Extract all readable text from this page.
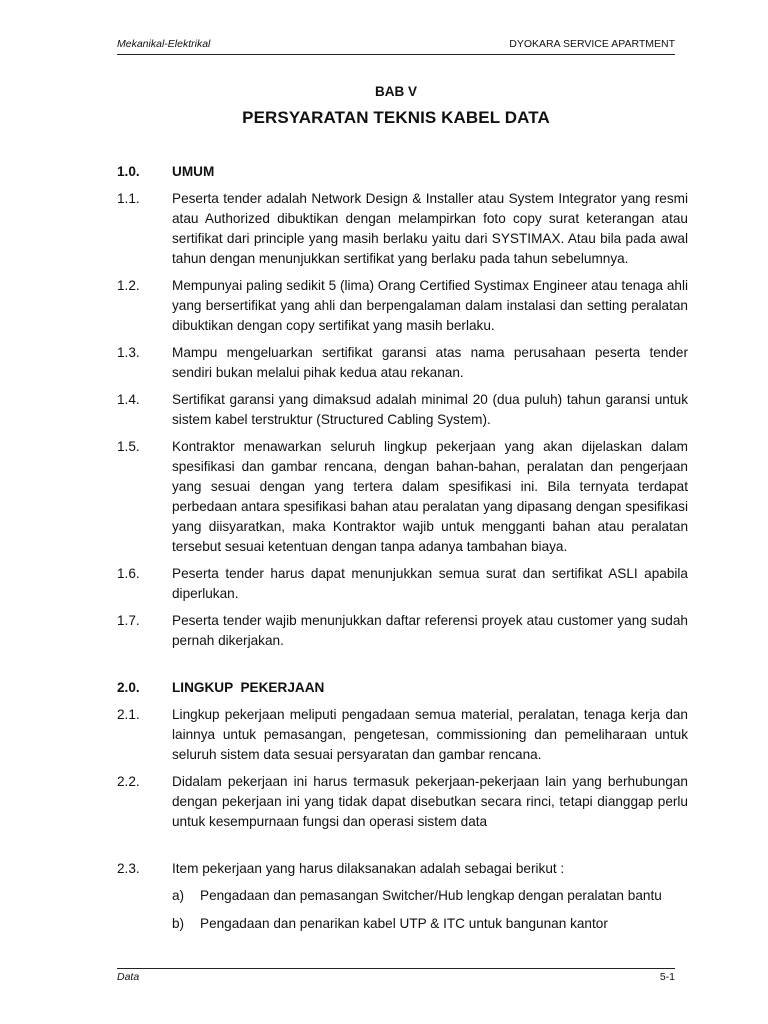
Mekanikal-Elektrikal	DYOKARA SERVICE APARTMENT
BAB V
PERSYARATAN TEKNIS KABEL DATA
1.0.	UMUM
1.1.	Peserta tender adalah Network Design & Installer atau System Integrator yang resmi atau Authorized dibuktikan dengan melampirkan foto copy surat keterangan atau sertifikat dari principle yang masih berlaku yaitu dari SYSTIMAX. Atau bila pada awal tahun dengan menunjukkan sertifikat yang berlaku pada tahun sebelumnya.
1.2.	Mempunyai paling sedikit 5 (lima) Orang Certified Systimax Engineer atau tenaga ahli yang bersertifikat yang ahli dan berpengalaman dalam instalasi dan setting peralatan dibuktikan dengan copy sertifikat yang masih berlaku.
1.3.	Mampu mengeluarkan sertifikat garansi atas nama perusahaan peserta tender sendiri bukan melalui pihak kedua atau rekanan.
1.4.	Sertifikat garansi yang dimaksud adalah minimal 20 (dua puluh) tahun garansi untuk sistem kabel terstruktur (Structured Cabling System).
1.5.	Kontraktor menawarkan seluruh lingkup pekerjaan yang akan dijelaskan dalam spesifikasi dan gambar rencana, dengan bahan-bahan, peralatan dan pengerjaan yang sesuai dengan yang tertera dalam spesifikasi ini. Bila ternyata terdapat perbedaan antara spesifikasi bahan atau peralatan yang dipasang dengan spesifikasi yang diisyaratkan, maka Kontraktor wajib untuk mengganti bahan atau peralatan tersebut sesuai ketentuan dengan tanpa adanya tambahan biaya.
1.6.	Peserta tender harus dapat menunjukkan semua surat dan sertifikat ASLI apabila diperlukan.
1.7.	Peserta tender wajib menunjukkan daftar referensi proyek atau customer yang sudah pernah dikerjakan.
2.0.	LINGKUP  PEKERJAAN
2.1.	Lingkup pekerjaan meliputi pengadaan semua material, peralatan, tenaga kerja dan lainnya untuk pemasangan, pengetesan, commissioning dan pemeliharaan untuk seluruh sistem data sesuai persyaratan dan gambar rencana.
2.2.	Didalam pekerjaan ini harus termasuk pekerjaan-pekerjaan lain yang berhubungan dengan pekerjaan ini yang tidak dapat disebutkan secara rinci, tetapi dianggap perlu untuk kesempurnaan fungsi dan operasi sistem data
2.3.	Item pekerjaan yang harus dilaksanakan adalah sebagai berikut :
a)	Pengadaan dan pemasangan Switcher/Hub lengkap dengan peralatan bantu
b)	Pengadaan dan penarikan kabel UTP & ITC untuk bangunan kantor
Data	5-1
